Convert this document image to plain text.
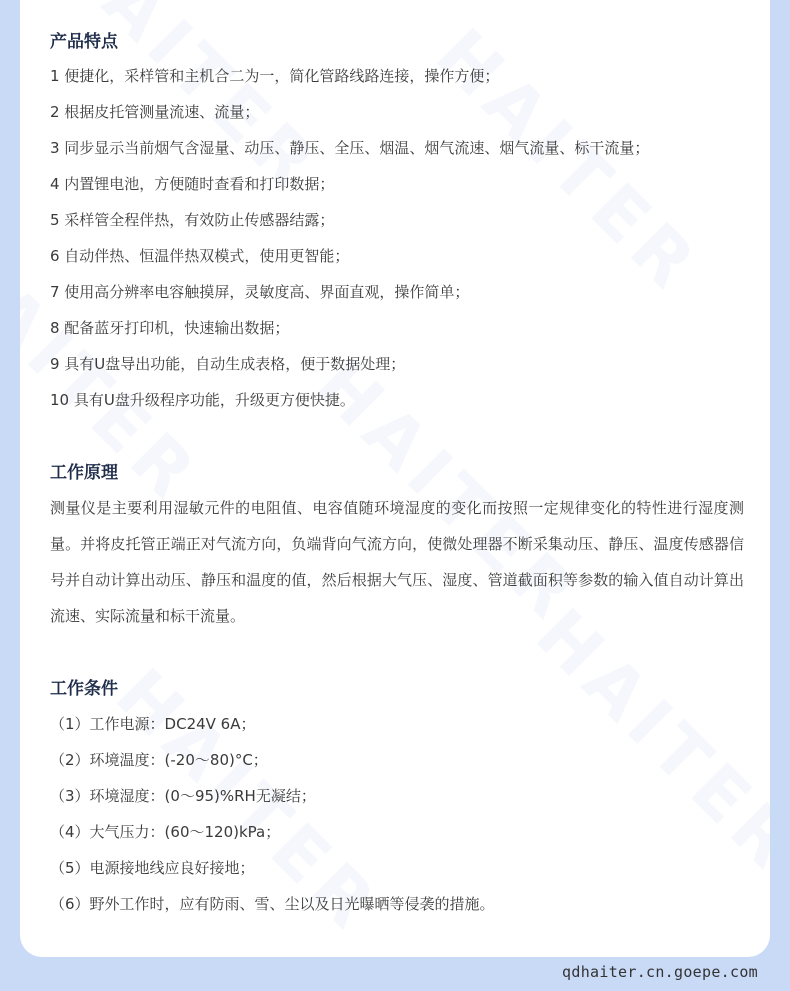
产品特点
1 便捷化，采样管和主机合二为一，简化管路线路连接，操作方便；
2 根据皮托管测量流速、流量；
3 同步显示当前烟气含湿量、动压、静压、全压、烟温、烟气流速、烟气流量、标干流量；
4 内置锂电池，方便随时查看和打印数据；
5 采样管全程伴热，有效防止传感器结露；
6 自动伴热、恒温伴热双模式，使用更智能；
7 使用高分辨率电容触摸屏，灵敏度高、界面直观，操作简单；
8 配备蓝牙打印机，快速输出数据；
9 具有U盘导出功能，自动生成表格，便于数据处理；
10 具有U盘升级程序功能，升级更方便快捷。
工作原理
测量仪是主要利用湿敏元件的电阻值、电容值随环境湿度的变化而按照一定规律变化的特性进行湿度测量。并将皮托管正端正对气流方向，负端背向气流方向，使微处理器不断采集动压、静压、温度传感器信号并自动计算出动压、静压和温度的值，然后根据大气压、湿度、管道截面积等参数的输入值自动计算出流速、实际流量和标干流量。
工作条件
（1）工作电源：DC24V 6A；
（2）环境温度：(-20～80)°C；
（3）环境湿度：(0～95)%RH无凝结；
（4）大气压力：(60～120)kPa；
（5）电源接地线应良好接地；
（6）野外工作时，应有防雨、雪、尘以及日光曝晒等侵袭的措施。
qdhaiter.cn.goepe.com
